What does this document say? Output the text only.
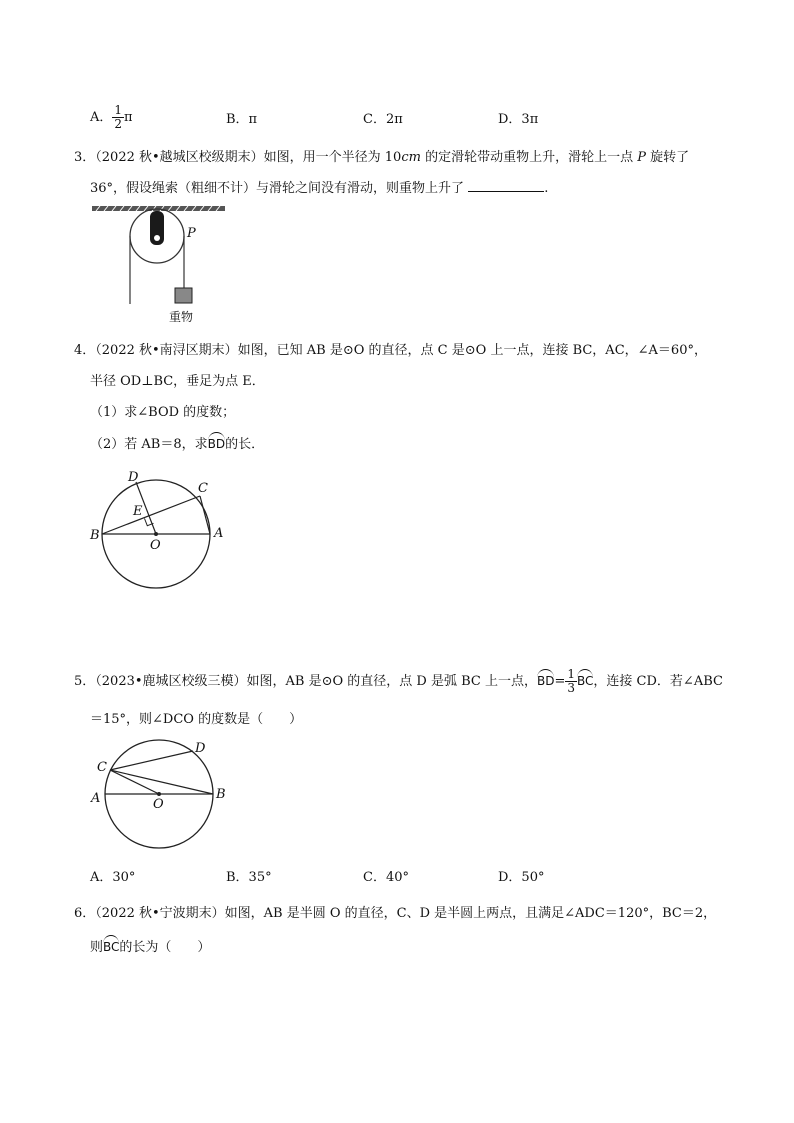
A． $\frac{1}{2}$ π	B．π	C．2π	D．3π
3．（2022 秋•越城区校级期末）如图，用一个半径为 10cm 的定滑轮带动重物上升，滑轮上一点 P 旋转了
36°，假设绳索（粗细不计）与滑轮之间没有滑动，则重物上升了	.
P
重物
4．（2022 秋•南浔区期末）如图，已知 AB 是⊙O 的直径，点 C 是⊙O 上一点，连接 BC，AC，∠A＝60°，
半径 OD⊥BC，垂足为点 E．
（1）求∠BOD 的度数；
（2）若 AB＝8，求BD的长．
D
C
E
B
O
A
5．（2023•鹿城区校级三模）如图，AB 是⊙O 的直径，点 D 是弧 BC 上一点，$BD= \frac{1}{3}$ BC，连接 CD．若∠ABC
＝15°，则∠DCO 的度数是（　　）
D
C
A	O
B
A．30°	B．35°	C．40°	D．50°
6．（2022 秋•宁波期末）如图，AB 是半圆 O 的直径，C、D 是半圆上两点，且满足∠ADC＝120°，BC＝2，
则BC的长为（　　）
